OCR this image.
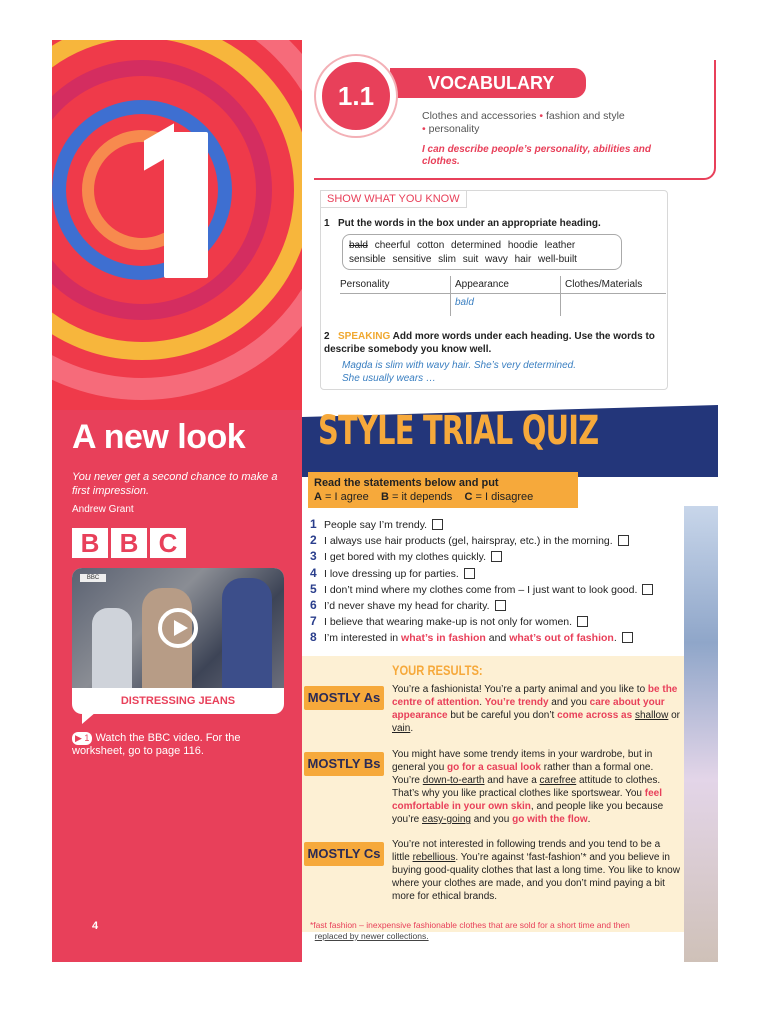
A new look
You never get a second chance to make a first impression.
Andrew Grant
B B C
BBC
DISTRESSING JEANS
▶ 1 Watch the BBC video. For the worksheet, go to page 116.
4
VOCABULARY
1.1
Clothes and accessories • fashion and style
• personality
I can describe people’s personality, abilities and clothes.
SHOW WHAT YOU KNOW
1 Put the words in the box under an appropriate heading.
bald cheerful cotton determined hoodie leather sensible sensitive slim suit wavy hair well-built
Personality	Appearance	Clothes/Materials
bald
2 SPEAKING Add more words under each heading. Use the words to describe somebody you know well.
Magda is slim with wavy hair. She’s very determined.
She usually wears …
STYLE TRIAL QUIZ
Read the statements below and put
A = I agree B = it depends C = I disagree
1 People say I’m trendy.
2 I always use hair products (gel, hairspray, etc.) in the morning.
3 I get bored with my clothes quickly.
4 I love dressing up for parties.
5 I don’t mind where my clothes come from – I just want to look good.
6 I’d never shave my head for charity.
7 I believe that wearing make-up is not only for women.
8 I’m interested in what’s in fashion and what’s out of fashion.
YOUR RESULTS:
MOSTLY As
You’re a fashionista! You’re a party animal and you like to be the centre of attention. You’re trendy and you care about your appearance but be careful you don’t come across as shallow or vain.
MOSTLY Bs
You might have some trendy items in your wardrobe, but in general you go for a casual look rather than a formal one. You’re down-to-earth and have a carefree attitude to clothes. That’s why you like practical clothes like sportswear. You feel comfortable in your own skin, and people like you because you’re easy-going and you go with the flow.
MOSTLY Cs
You’re not interested in following trends and you tend to be a little rebellious. You’re against ‘fast-fashion’* and you believe in buying good-quality clothes that last a long time. You like to know where your clothes are made, and you don’t mind paying a bit more for ethical brands.
*fast fashion – inexpensive fashionable clothes that are sold for a short time and then
replaced by newer collections.
